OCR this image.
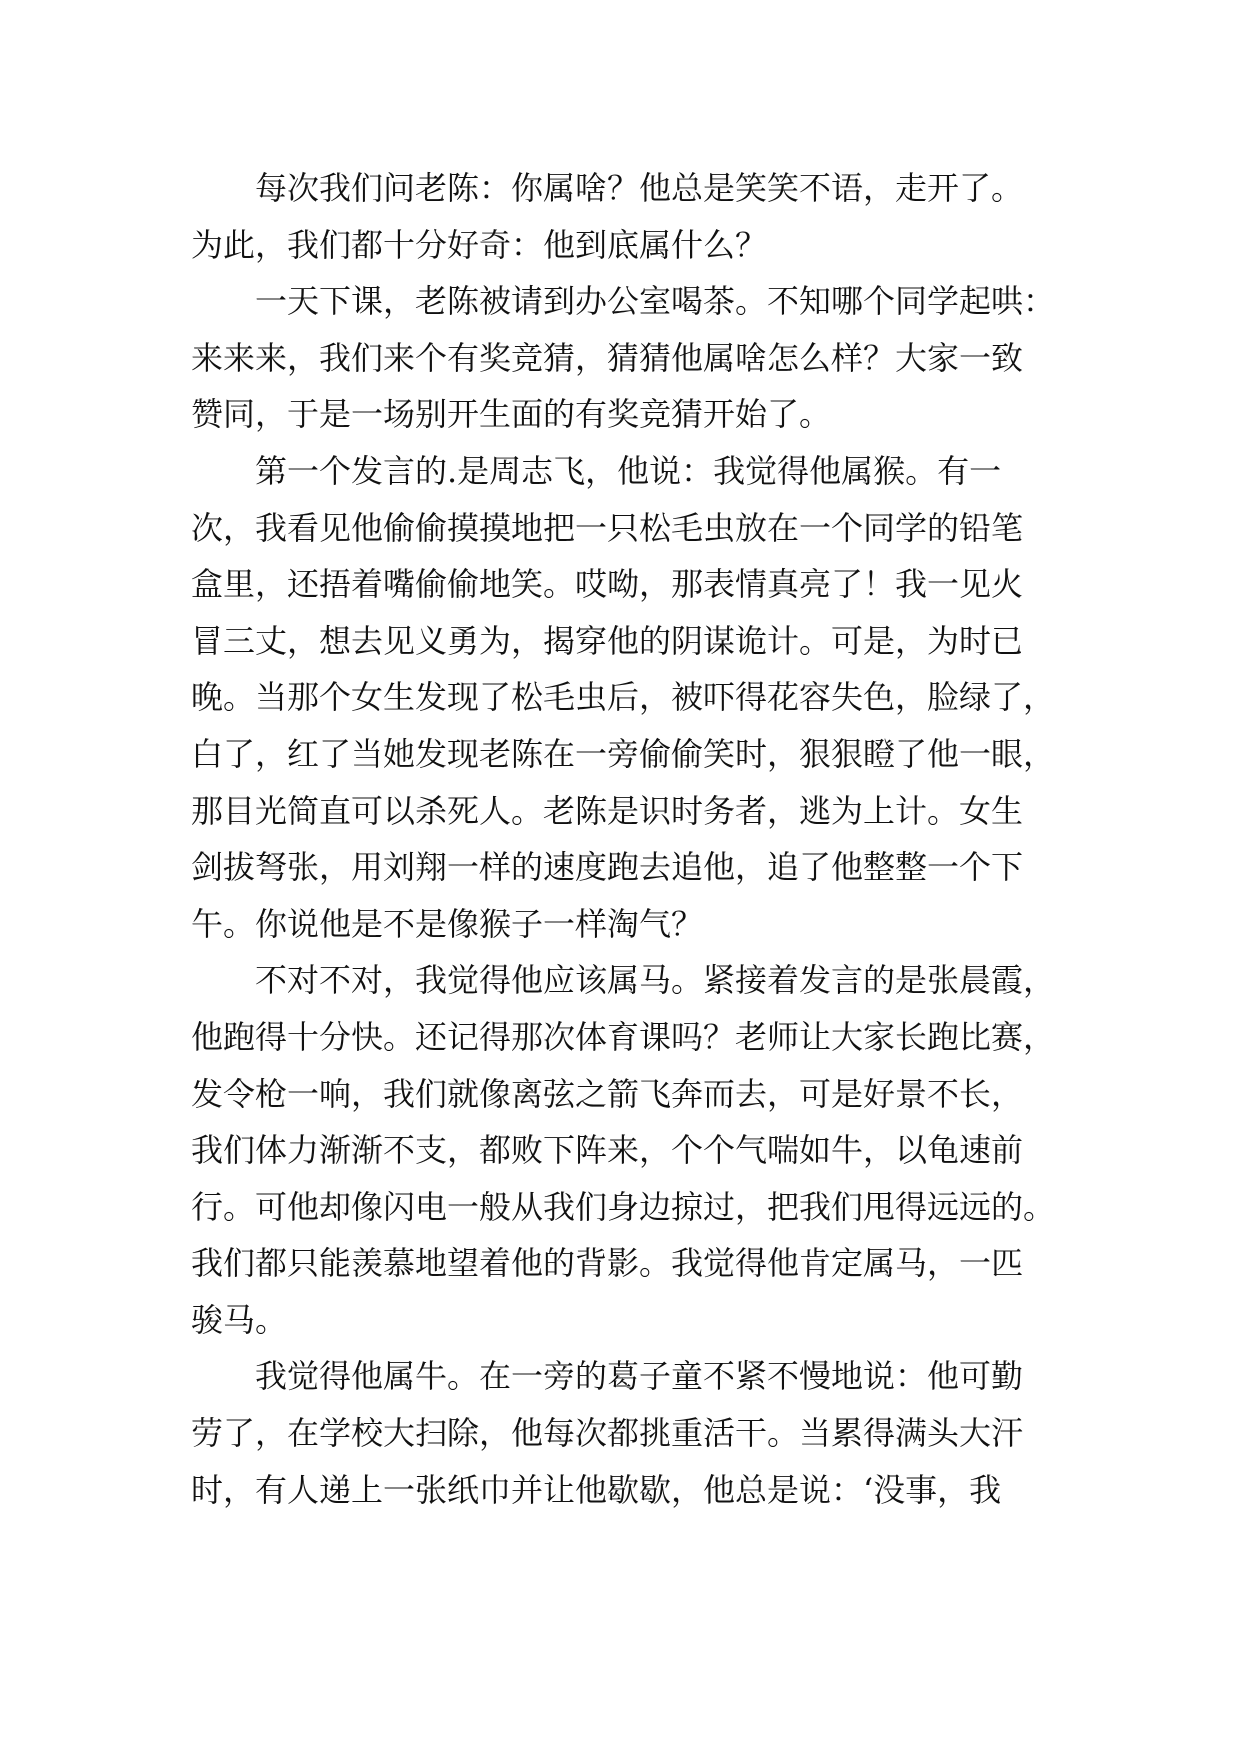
每次我们问老陈：你属啥？他总是笑笑不语，走开了。
为此，我们都十分好奇：他到底属什么？
一天下课，老陈被请到办公室喝茶。不知哪个同学起哄：
来来来，我们来个有奖竞猜，猜猜他属啥怎么样？大家一致
赞同，于是一场别开生面的有奖竞猜开始了。
第一个发言的.是周志飞，他说：我觉得他属猴。有一
次，我看见他偷偷摸摸地把一只松毛虫放在一个同学的铅笔
盒里，还捂着嘴偷偷地笑。哎呦，那表情真亮了！我一见火
冒三丈，想去见义勇为，揭穿他的阴谋诡计。可是，为时已
晚。当那个女生发现了松毛虫后，被吓得花容失色，脸绿了，
白了，红了当她发现老陈在一旁偷偷笑时，狠狠瞪了他一眼，
那目光简直可以杀死人。老陈是识时务者，逃为上计。女生
剑拔弩张，用刘翔一样的速度跑去追他，追了他整整一个下
午。你说他是不是像猴子一样淘气？
不对不对，我觉得他应该属马。紧接着发言的是张晨霞，
他跑得十分快。还记得那次体育课吗？老师让大家长跑比赛，
发令枪一响，我们就像离弦之箭飞奔而去，可是好景不长，
我们体力渐渐不支，都败下阵来，个个气喘如牛，以龟速前
行。可他却像闪电一般从我们身边掠过，把我们甩得远远的。
我们都只能羡慕地望着他的背影。我觉得他肯定属马，一匹
骏马。
我觉得他属牛。在一旁的葛子童不紧不慢地说：他可勤
劳了，在学校大扫除，他每次都挑重活干。当累得满头大汗
时，有人递上一张纸巾并让他歇歇，他总是说：‘没事，我
